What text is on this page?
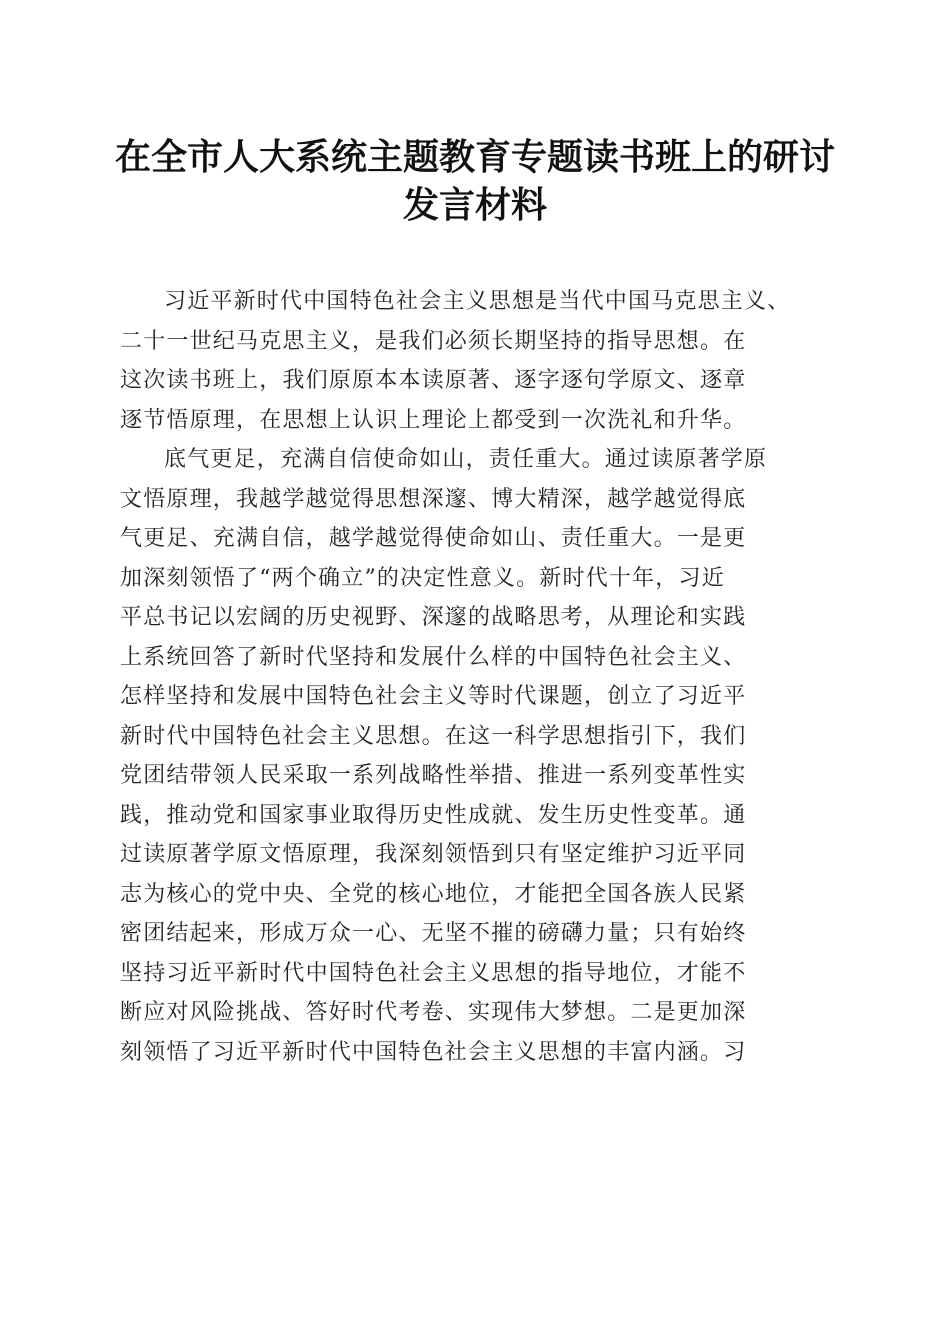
在全市人大系统主题教育专题读书班上的研讨
发言材料
习近平新时代中国特色社会主义思想是当代中国马克思主义、
二十一世纪马克思主义，是我们必须长期坚持的指导思想。在
这次读书班上，我们原原本本读原著、逐字逐句学原文、逐章
逐节悟原理，在思想上认识上理论上都受到一次洗礼和升华。
底气更足，充满自信使命如山，责任重大。通过读原著学原
文悟原理，我越学越觉得思想深邃、博大精深，越学越觉得底
气更足、充满自信，越学越觉得使命如山、责任重大。一是更
加深刻领悟了“两个确立”的决定性意义。新时代十年，习近
平总书记以宏阔的历史视野、深邃的战略思考，从理论和实践
上系统回答了新时代坚持和发展什么样的中国特色社会主义、
怎样坚持和发展中国特色社会主义等时代课题，创立了习近平
新时代中国特色社会主义思想。在这一科学思想指引下，我们
党团结带领人民采取一系列战略性举措、推进一系列变革性实
践，推动党和国家事业取得历史性成就、发生历史性变革。通
过读原著学原文悟原理，我深刻领悟到只有坚定维护习近平同
志为核心的党中央、全党的核心地位，才能把全国各族人民紧
密团结起来，形成万众一心、无坚不摧的磅礴力量；只有始终
坚持习近平新时代中国特色社会主义思想的指导地位，才能不
断应对风险挑战、答好时代考卷、实现伟大梦想。二是更加深
刻领悟了习近平新时代中国特色社会主义思想的丰富内涵。习
